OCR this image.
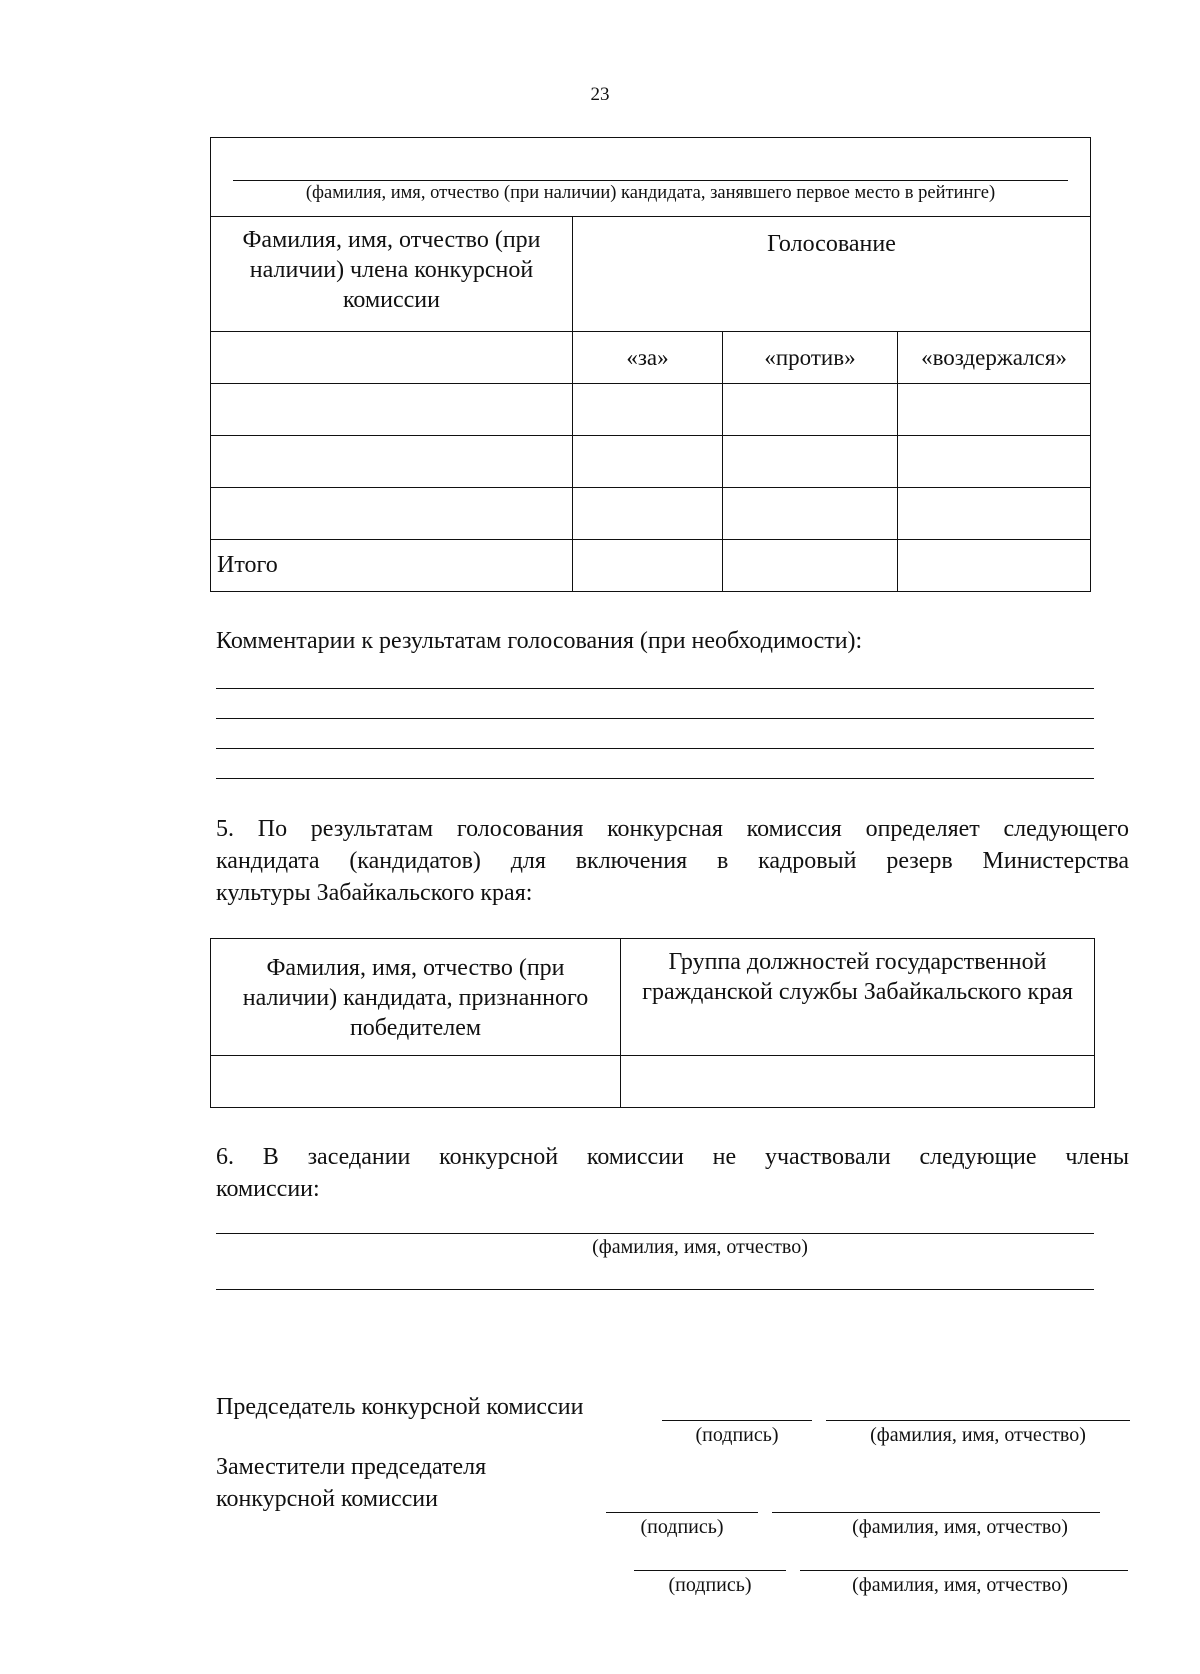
23
(фамилия, имя, отчество (при наличии) кандидата, занявшего первое место в рейтинге)			

Фамилия, имя, отчество (при наличии) члена конкурсной комиссии	Голосование		
	«за»	«против»	«воздержался»

Итого			
Комментарии к результатам голосования (при необходимости):
5. По результатам голосования конкурсная комиссия определяет следующего
кандидата (кандидатов) для включения в кадровый резерв Министерства
культуры Забайкальского края:
Фамилия, имя, отчество (при наличии) кандидата, признанного победителем	Группа должностей государственной гражданской службы Забайкальского края

6. В заседании конкурсной комиссии не участвовали следующие члены
комиссии:
(фамилия, имя, отчество)
Председатель конкурсной комиссии
(подпись)	(фамилия, имя, отчество)
Заместители председателя
конкурсной комиссии
(подпись)	(фамилия, имя, отчество)
(подпись)	(фамилия, имя, отчество)
